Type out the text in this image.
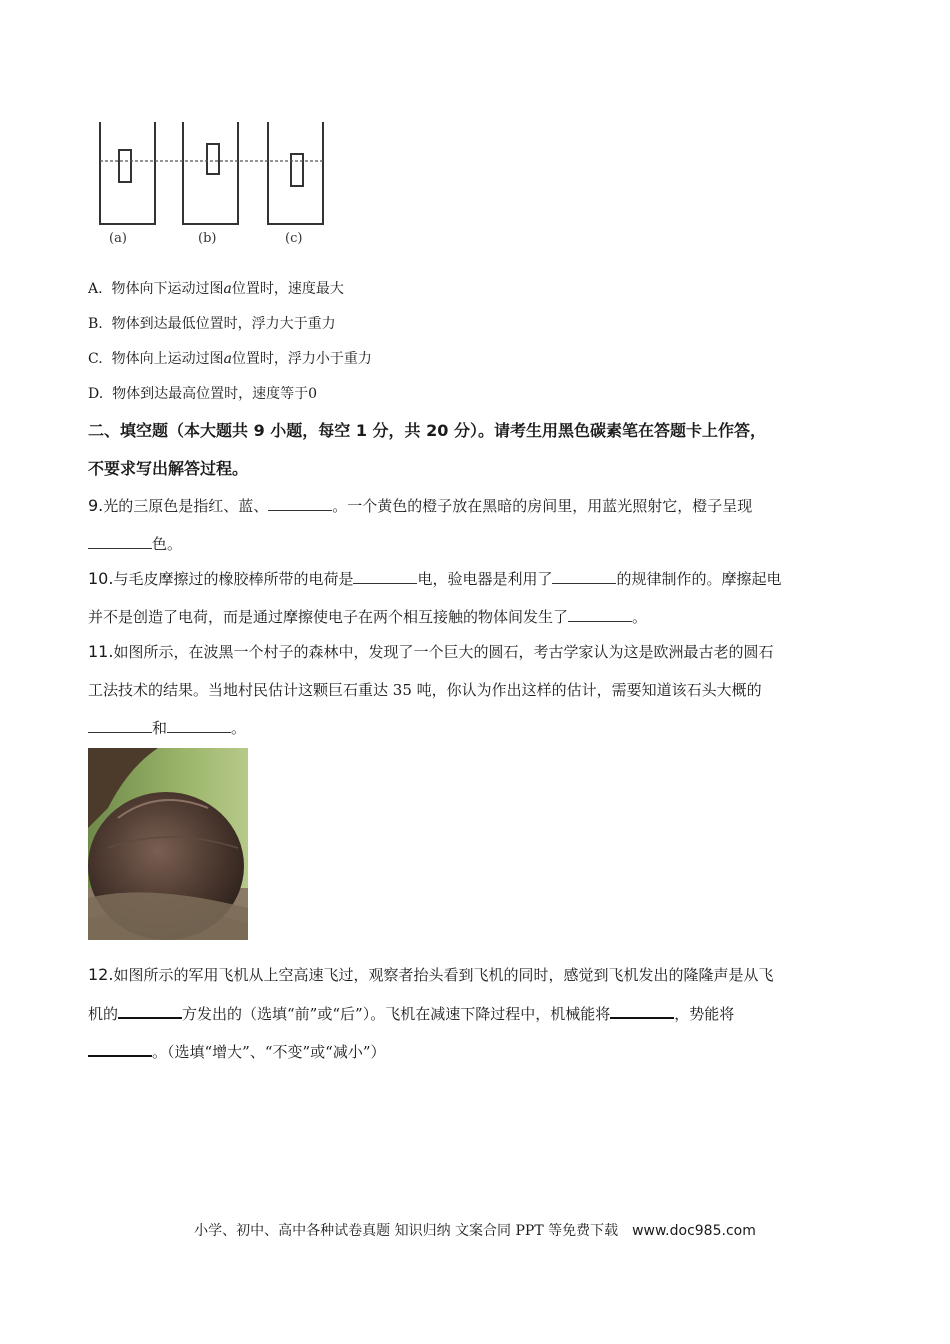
(a)	(b)	(c)
A. 物体向下运动过图a位置时，速度最大
B. 物体到达最低位置时，浮力大于重力
C. 物体向上运动过图a位置时，浮力小于重力
D. 物体到达最高位置时，速度等于0
二、填空题（本大题共 9 小题，每空 1 分，共 20 分）。请考生用黑色碳素笔在答题卡上作答，
不要求写出解答过程。
9.光的三原色是指红、蓝、	。一个黄色的橙子放在黑暗的房间里，用蓝光照射它，橙子呈现
色。
10.与毛皮摩擦过的橡胶棒所带的电荷是	电，验电器是利用了	的规律制作的。摩擦起电
并不是创造了电荷，而是通过摩擦使电子在两个相互接触的物体间发生了	。
11.如图所示，在波黑一个村子的森林中，发现了一个巨大的圆石，考古学家认为这是欧洲最古老的圆石
工法技术的结果。当地村民估计这颗巨石重达 35 吨，你认为作出这样的估计，需要知道该石头大概的
和	。
12.如图所示的军用飞机从上空高速飞过，观察者抬头看到飞机的同时，感觉到飞机发出的隆隆声是从飞
机的	方发出的（选填“前”或“后”）。飞机在减速下降过程中，机械能将	，势能将
。（选填“增大”、“不变”或“减小”）
小学、初中、高中各种试卷真题 知识归纳 文案合同 PPT 等免费下载 www.doc985.com
